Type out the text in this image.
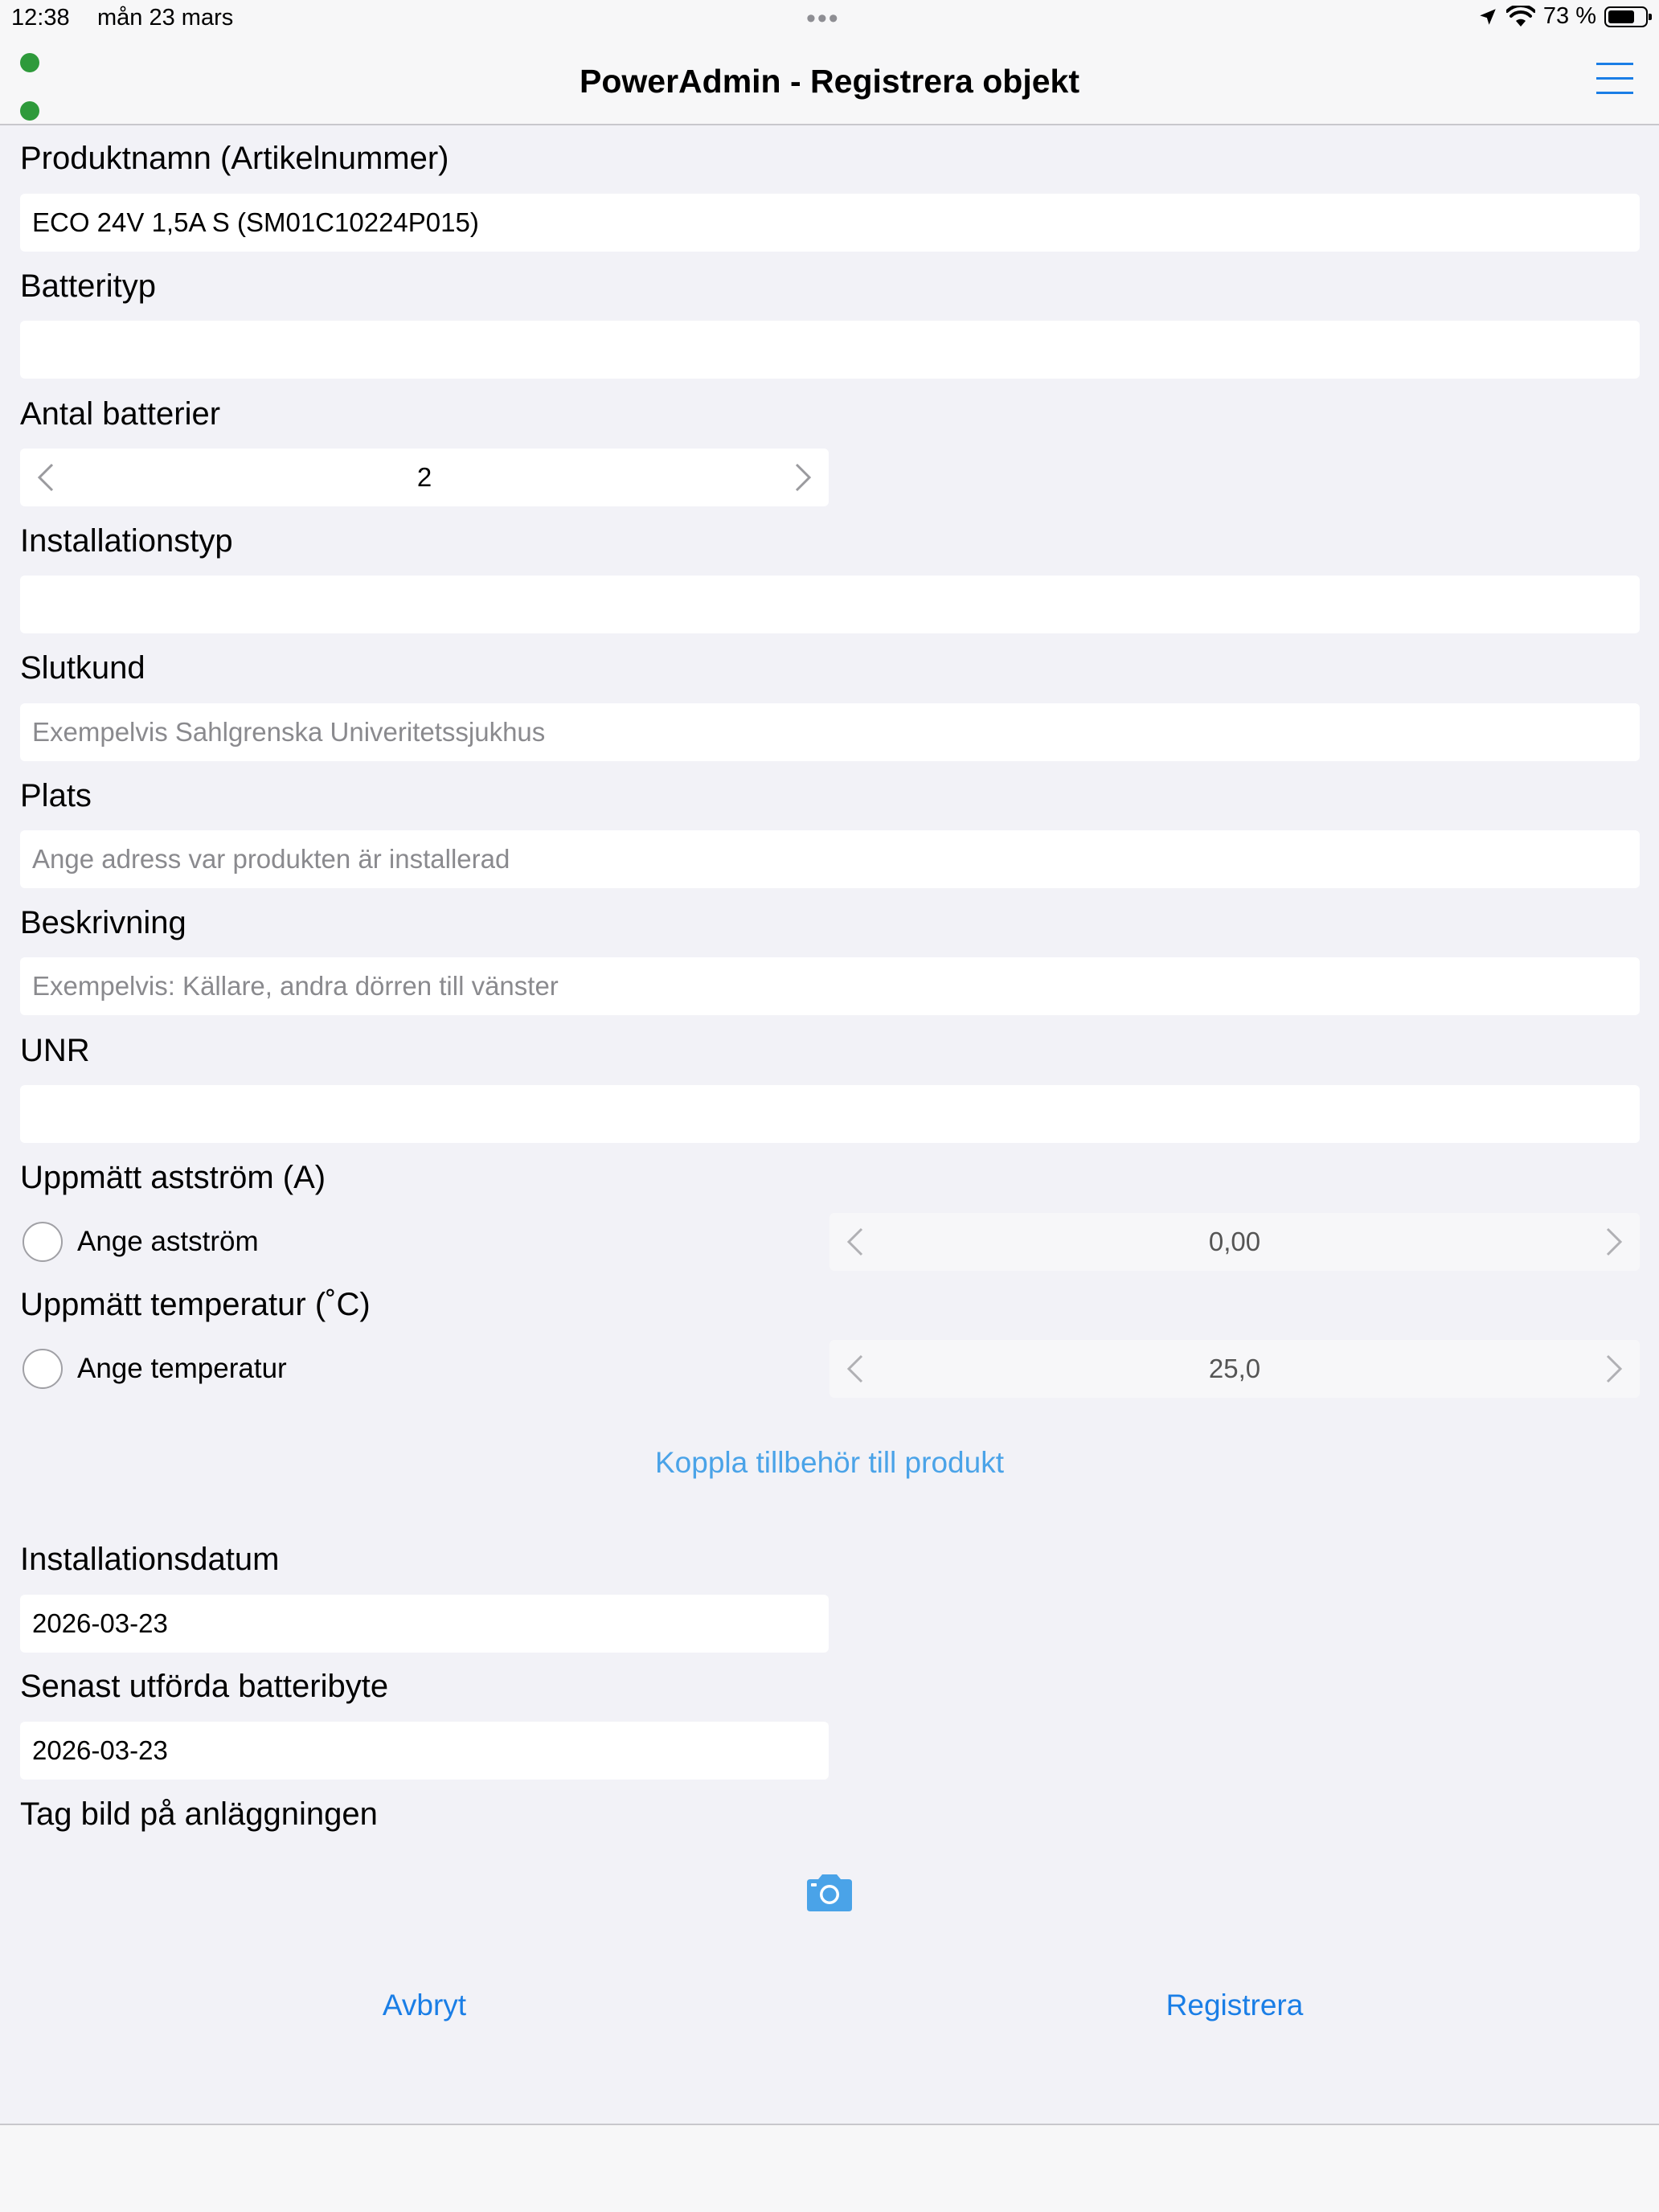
12:38 mån 23 mars	•••	73 %
PowerAdmin - Registrera objekt
Produktnamn (Artikelnummer)
ECO 24V 1,5A S (SM01C10224P015)
Batterityp
Antal batterier
2
Installationstyp
Slutkund
Exempelvis Sahlgrenska Univeritetssjukhus
Plats
Ange adress var produkten är installerad
Beskrivning
Exempelvis: Källare, andra dörren till vänster
UNR
Uppmätt astström (A)
Ange astström	0,00
Uppmätt temperatur (˚C)
Ange temperatur	25,0
Koppla tillbehör till produkt
Installationsdatum
2026-03-23
Senast utförda batteribyte
2026-03-23
Tag bild på anläggningen
Avbryt	Registrera
